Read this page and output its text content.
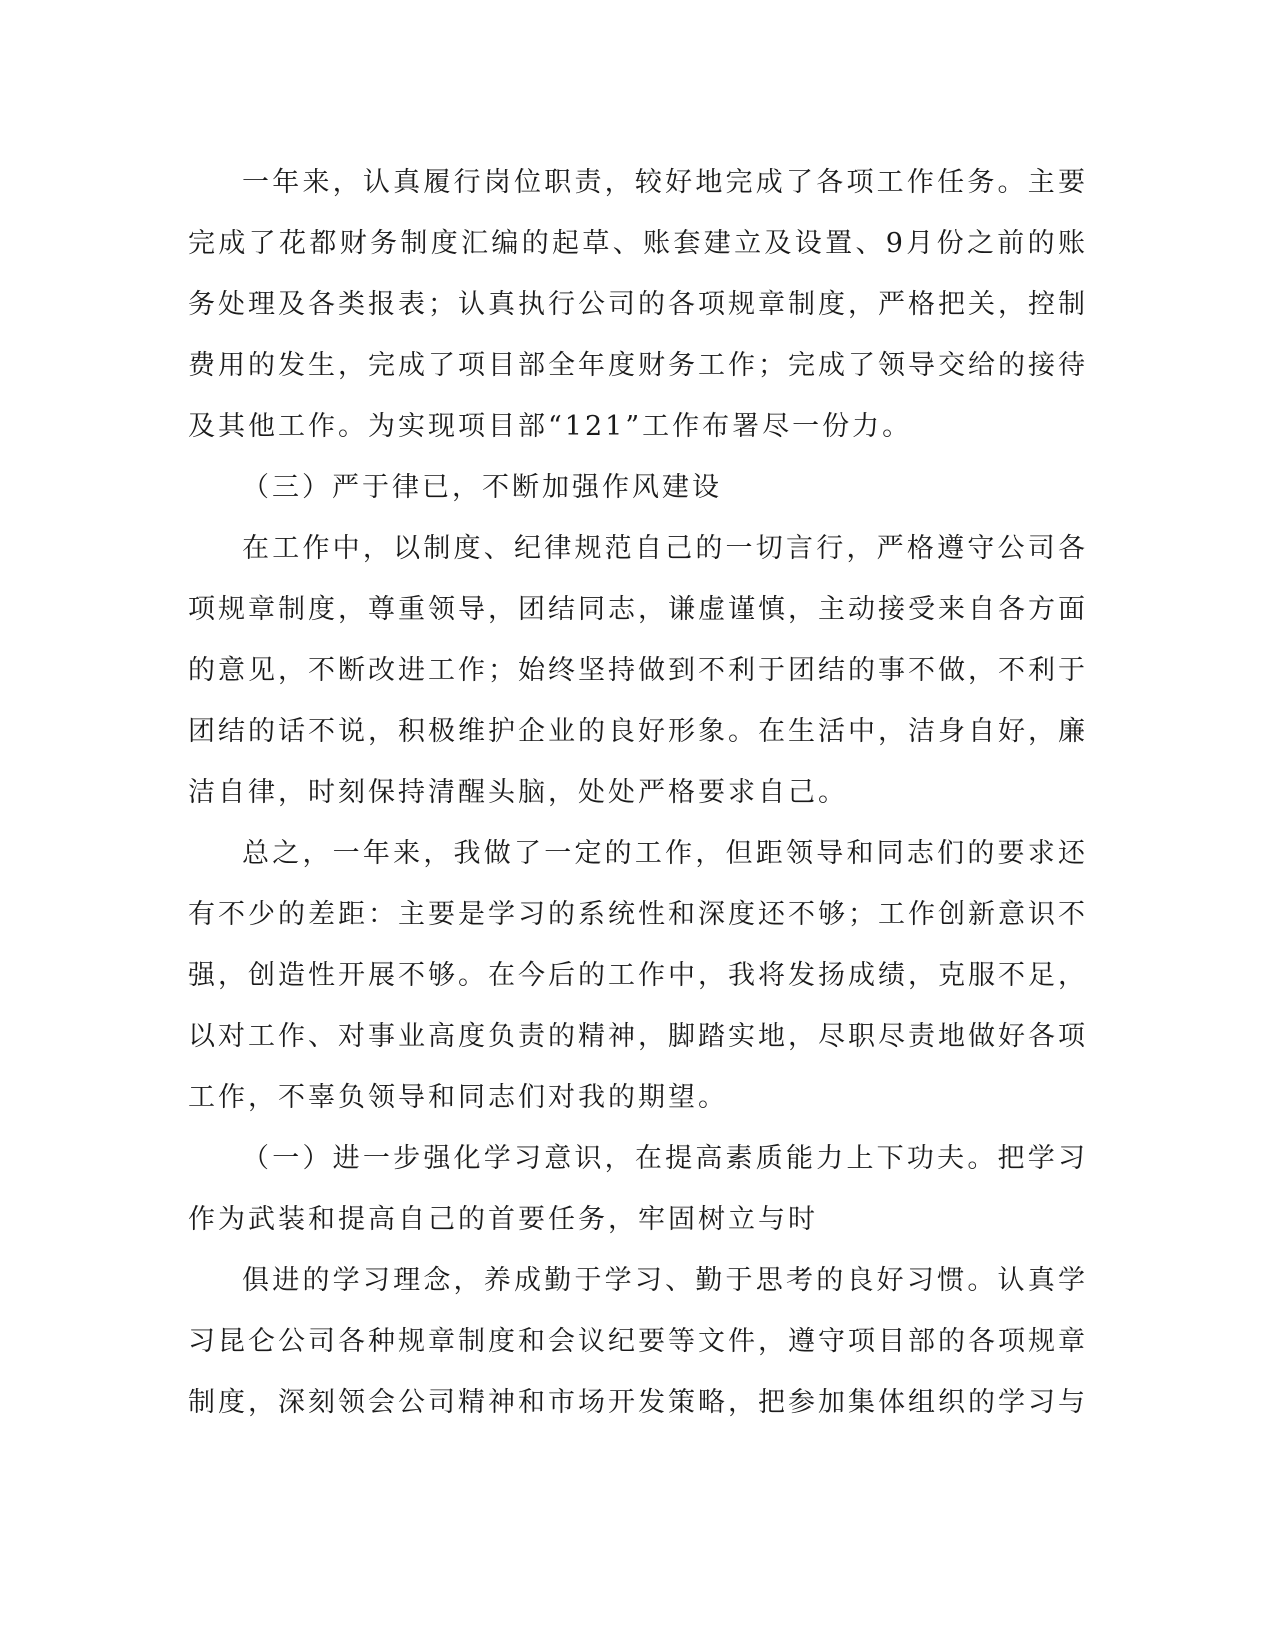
一年来，认真履行岗位职责，较好地完成了各项工作任务。主要完成了花都财务制度汇编的起草、账套建立及设置、9月份之前的账务处理及各类报表；认真执行公司的各项规章制度，严格把关，控制费用的发生，完成了项目部全年度财务工作；完成了领导交给的接待及其他工作。为实现项目部“121”工作布署尽一份力。

（三）严于律已，不断加强作风建设

在工作中，以制度、纪律规范自己的一切言行，严格遵守公司各项规章制度，尊重领导，团结同志，谦虚谨慎，主动接受来自各方面的意见，不断改进工作；始终坚持做到不利于团结的事不做，不利于团结的话不说，积极维护企业的良好形象。在生活中，洁身自好，廉洁自律，时刻保持清醒头脑，处处严格要求自己。

总之，一年来，我做了一定的工作，但距领导和同志们的要求还有不少的差距：主要是学习的系统性和深度还不够；工作创新意识不强，创造性开展不够。在今后的工作中，我将发扬成绩，克服不足，以对工作、对事业高度负责的精神，脚踏实地，尽职尽责地做好各项工作，不辜负领导和同志们对我的期望。

（一）进一步强化学习意识，在提高素质能力上下功夫。把学习作为武装和提高自己的首要任务，牢固树立与时

俱进的学习理念，养成勤于学习、勤于思考的良好习惯。认真学习昆仑公司各种规章制度和会议纪要等文件，遵守项目部的各项规章制度，深刻领会公司精神和市场开发策略，把参加集体组织的学习与
